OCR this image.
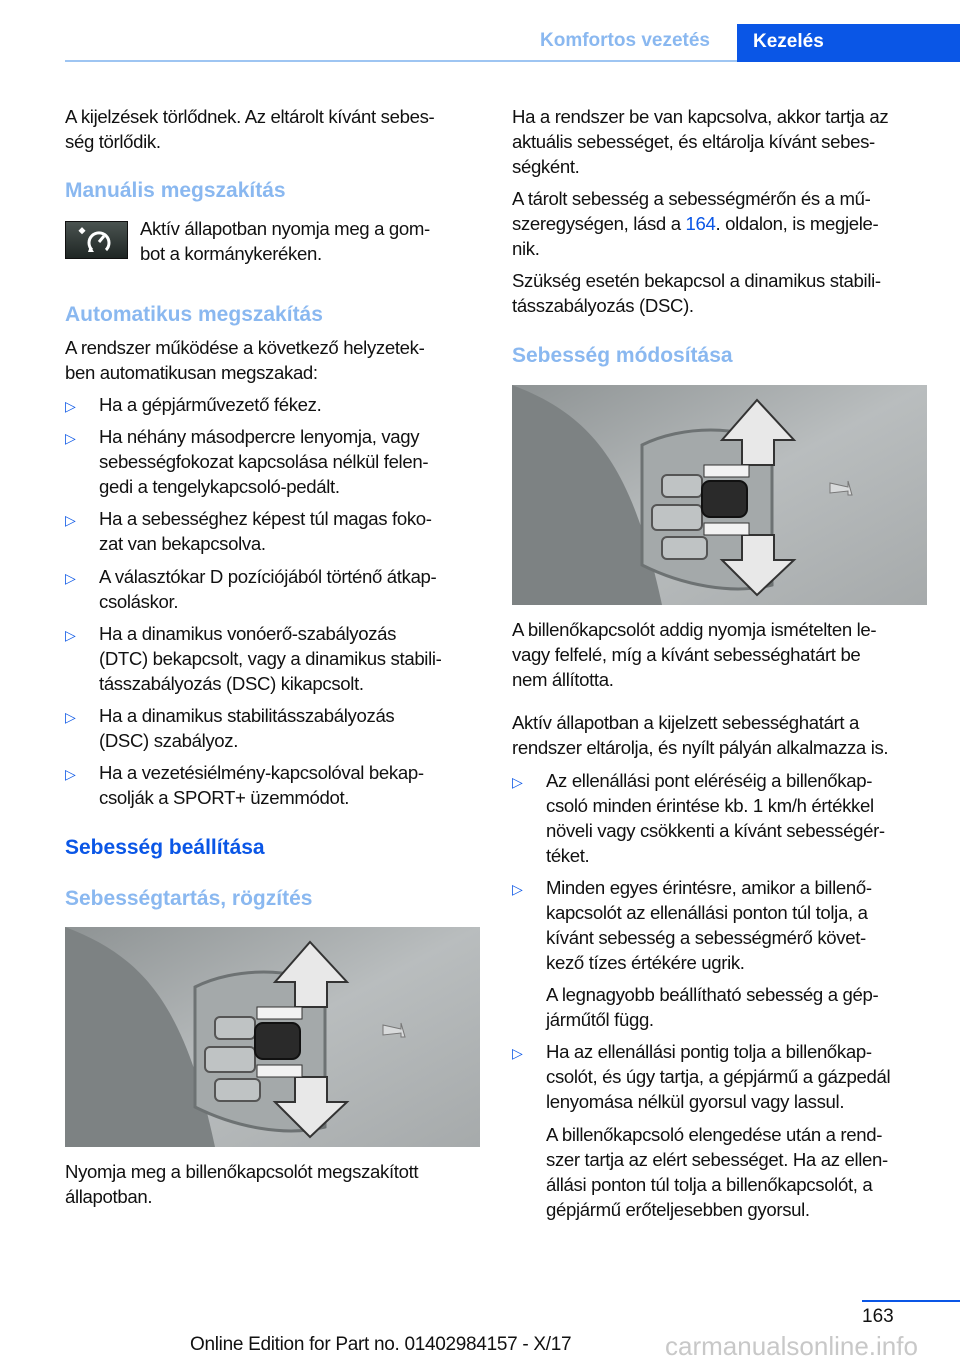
Komfortos vezetés	Kezelés
A kijelzések törlődnek. Az eltárolt kívánt sebes-
ség törlődik.
Manuális megszakítás
Aktív állapotban nyomja meg a gom-
bot a kormánykeréken.
Automatikus megszakítás
A rendszer működése a következő helyzetek-
ben automatikusan megszakad:
▷ Ha a gépjárművezető fékez.
▷ Ha néhány másodpercre lenyomja, vagy
sebességfokozat kapcsolása nélkül felen-
gedi a tengelykapcsoló-pedált.
▷ Ha a sebességhez képest túl magas foko-
zat van bekapcsolva.
▷ A választókar D pozíciójából történő átkap-
csoláskor.
▷ Ha a dinamikus vonóerő-szabályozás
(DTC) bekapcsolt, vagy a dinamikus stabili-
tásszabályozás (DSC) kikapcsolt.
▷ Ha a dinamikus stabilitásszabályozás
(DSC) szabályoz.
▷ Ha a vezetésiélmény-kapcsolóval bekap-
csolják a SPORT+ üzemmódot.
Sebesség beállítása
Sebességtartás, rögzítés
Nyomja meg a billenőkapcsolót megszakított
állapotban.
Ha a rendszer be van kapcsolva, akkor tartja az
aktuális sebességet, és eltárolja kívánt sebes-
ségként.
A tárolt sebesség a sebességmérőn és a mű-
szeregységen, lásd a 164. oldalon, is megjele-
nik.
Szükség esetén bekapcsol a dinamikus stabili-
tásszabályozás (DSC).
Sebesség módosítása
A billenőkapcsolót addig nyomja ismételten le-
vagy felfelé, míg a kívánt sebességhatárt be
nem állította.
Aktív állapotban a kijelzett sebességhatárt a
rendszer eltárolja, és nyílt pályán alkalmazza is.
▷ Az ellenállási pont eléréséig a billenőkap-
csoló minden érintése kb. 1 km/h értékkel
növeli vagy csökkenti a kívánt sebességér-
téket.
▷ Minden egyes érintésre, amikor a billenő-
kapcsolót az ellenállási ponton túl tolja, a
kívánt sebesség a sebességmérő követ-
kező tízes értékére ugrik.
A legnagyobb beállítható sebesség a gép-
járműtől függ.
▷ Ha az ellenállási pontig tolja a billenőkap-
csolót, és úgy tartja, a gépjármű a gázpedál
lenyomása nélkül gyorsul vagy lassul.
A billenőkapcsoló elengedése után a rend-
szer tartja az elért sebességet. Ha az ellen-
állási ponton túl tolja a billenőkapcsolót, a
gépjármű erőteljesebben gyorsul.
163
Online Edition for Part no. 01402984157 - X/17	carmanualsonline.info
